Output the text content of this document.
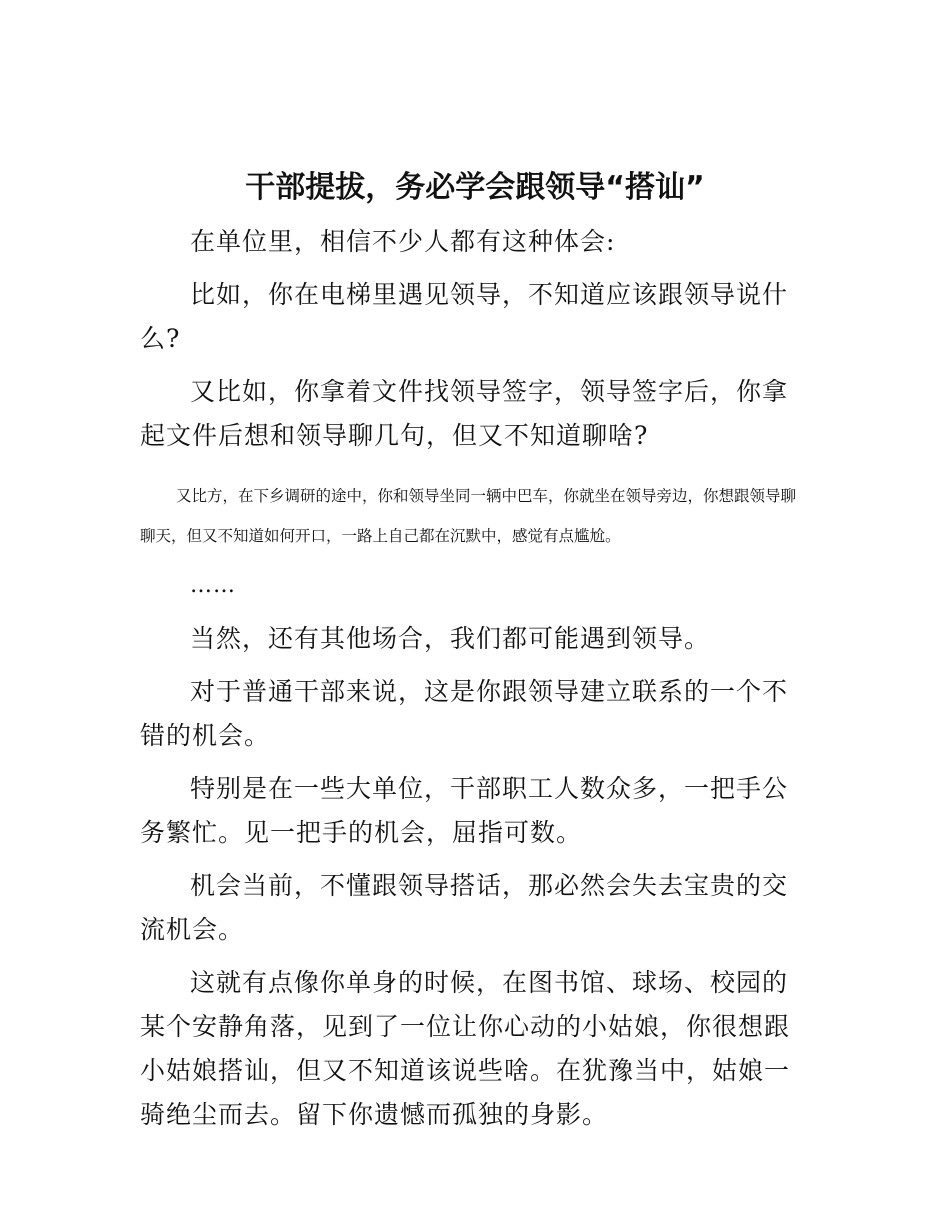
干部提拔，务必学会跟领导“搭讪”

在单位里，相信不少人都有这种体会:

比如，你在电梯里遇见领导，不知道应该跟领导说什么?

又比如，你拿着文件找领导签字，领导签字后，你拿起文件后想和领导聊几句，但又不知道聊啥?

又比方，在下乡调研的途中，你和领导坐同一辆中巴车，你就坐在领导旁边，你想跟领导聊聊天，但又不知道如何开口，一路上自己都在沉默中，感觉有点尴尬。

……

当然，还有其他场合，我们都可能遇到领导。

对于普通干部来说，这是你跟领导建立联系的一个不错的机会。

特别是在一些大单位，干部职工人数众多，一把手公务繁忙。见一把手的机会，屈指可数。

机会当前，不懂跟领导搭话，那必然会失去宝贵的交流机会。

这就有点像你单身的时候，在图书馆、球场、校园的某个安静角落，见到了一位让你心动的小姑娘，你很想跟小姑娘搭讪，但又不知道该说些啥。在犹豫当中，姑娘一骑绝尘而去。留下你遗憾而孤独的身影。
